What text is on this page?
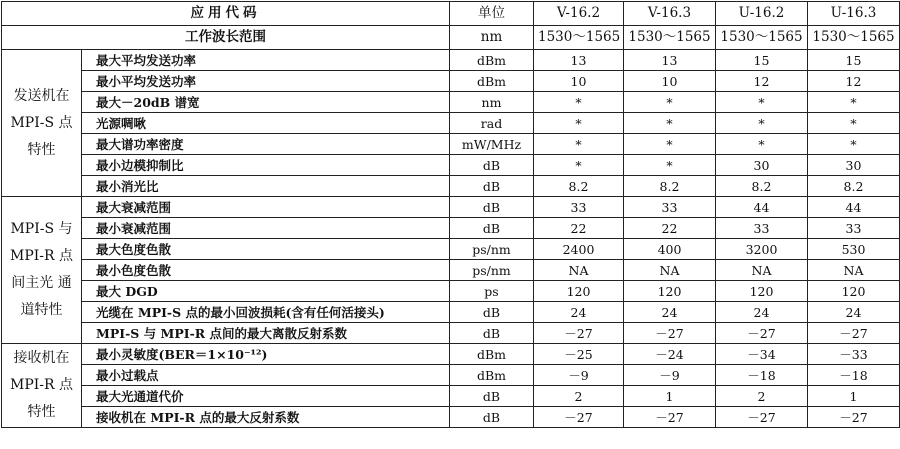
应用代码		单位	V-16.2	V-16.3	U-16.2	U-16.3
工作波长范围		nm	1530～1565	1530～1565	1530～1565	1530～1565
发送机在 MPI-S 点 特性	最大平均发送功率	dBm	13	13	15	15
	最小平均发送功率	dBm	10	10	12	12
	最大－20dB 谱宽	nm	*	*	*	*
	光源啁啾	rad	*	*	*	*
	最大谱功率密度	mW/MHz	*	*	*	*
	最小边模抑制比	dB	*	*	30	30
	最小消光比	dB	8.2	8.2	8.2	8.2
MPI-S 与 MPI-R 点间主光 通道特性	最大衰减范围	dB	33	33	44	44
	最小衰减范围	dB	22	22	33	33
	最大色度色散	ps/nm	2400	400	3200	530
	最小色度色散	ps/nm	NA	NA	NA	NA
	最大 DGD	ps	120	120	120	120
	光缆在 MPI-S 点的最小回波损耗(含有任何活接头)	dB	24	24	24	24
	MPI-S 与 MPI-R 点间的最大离散反射系数	dB	－27	－27	－27	－27
接收机在 MPI-R 点特性	最小灵敏度(BER＝1×10⁻¹²)	dBm	－25	－24	－34	－33
	最小过载点	dBm	－9	－9	－18	－18
	最大光通道代价	dB	2	1	2	1
	接收机在 MPI-R 点的最大反射系数	dB	－27	－27	－27	－27
